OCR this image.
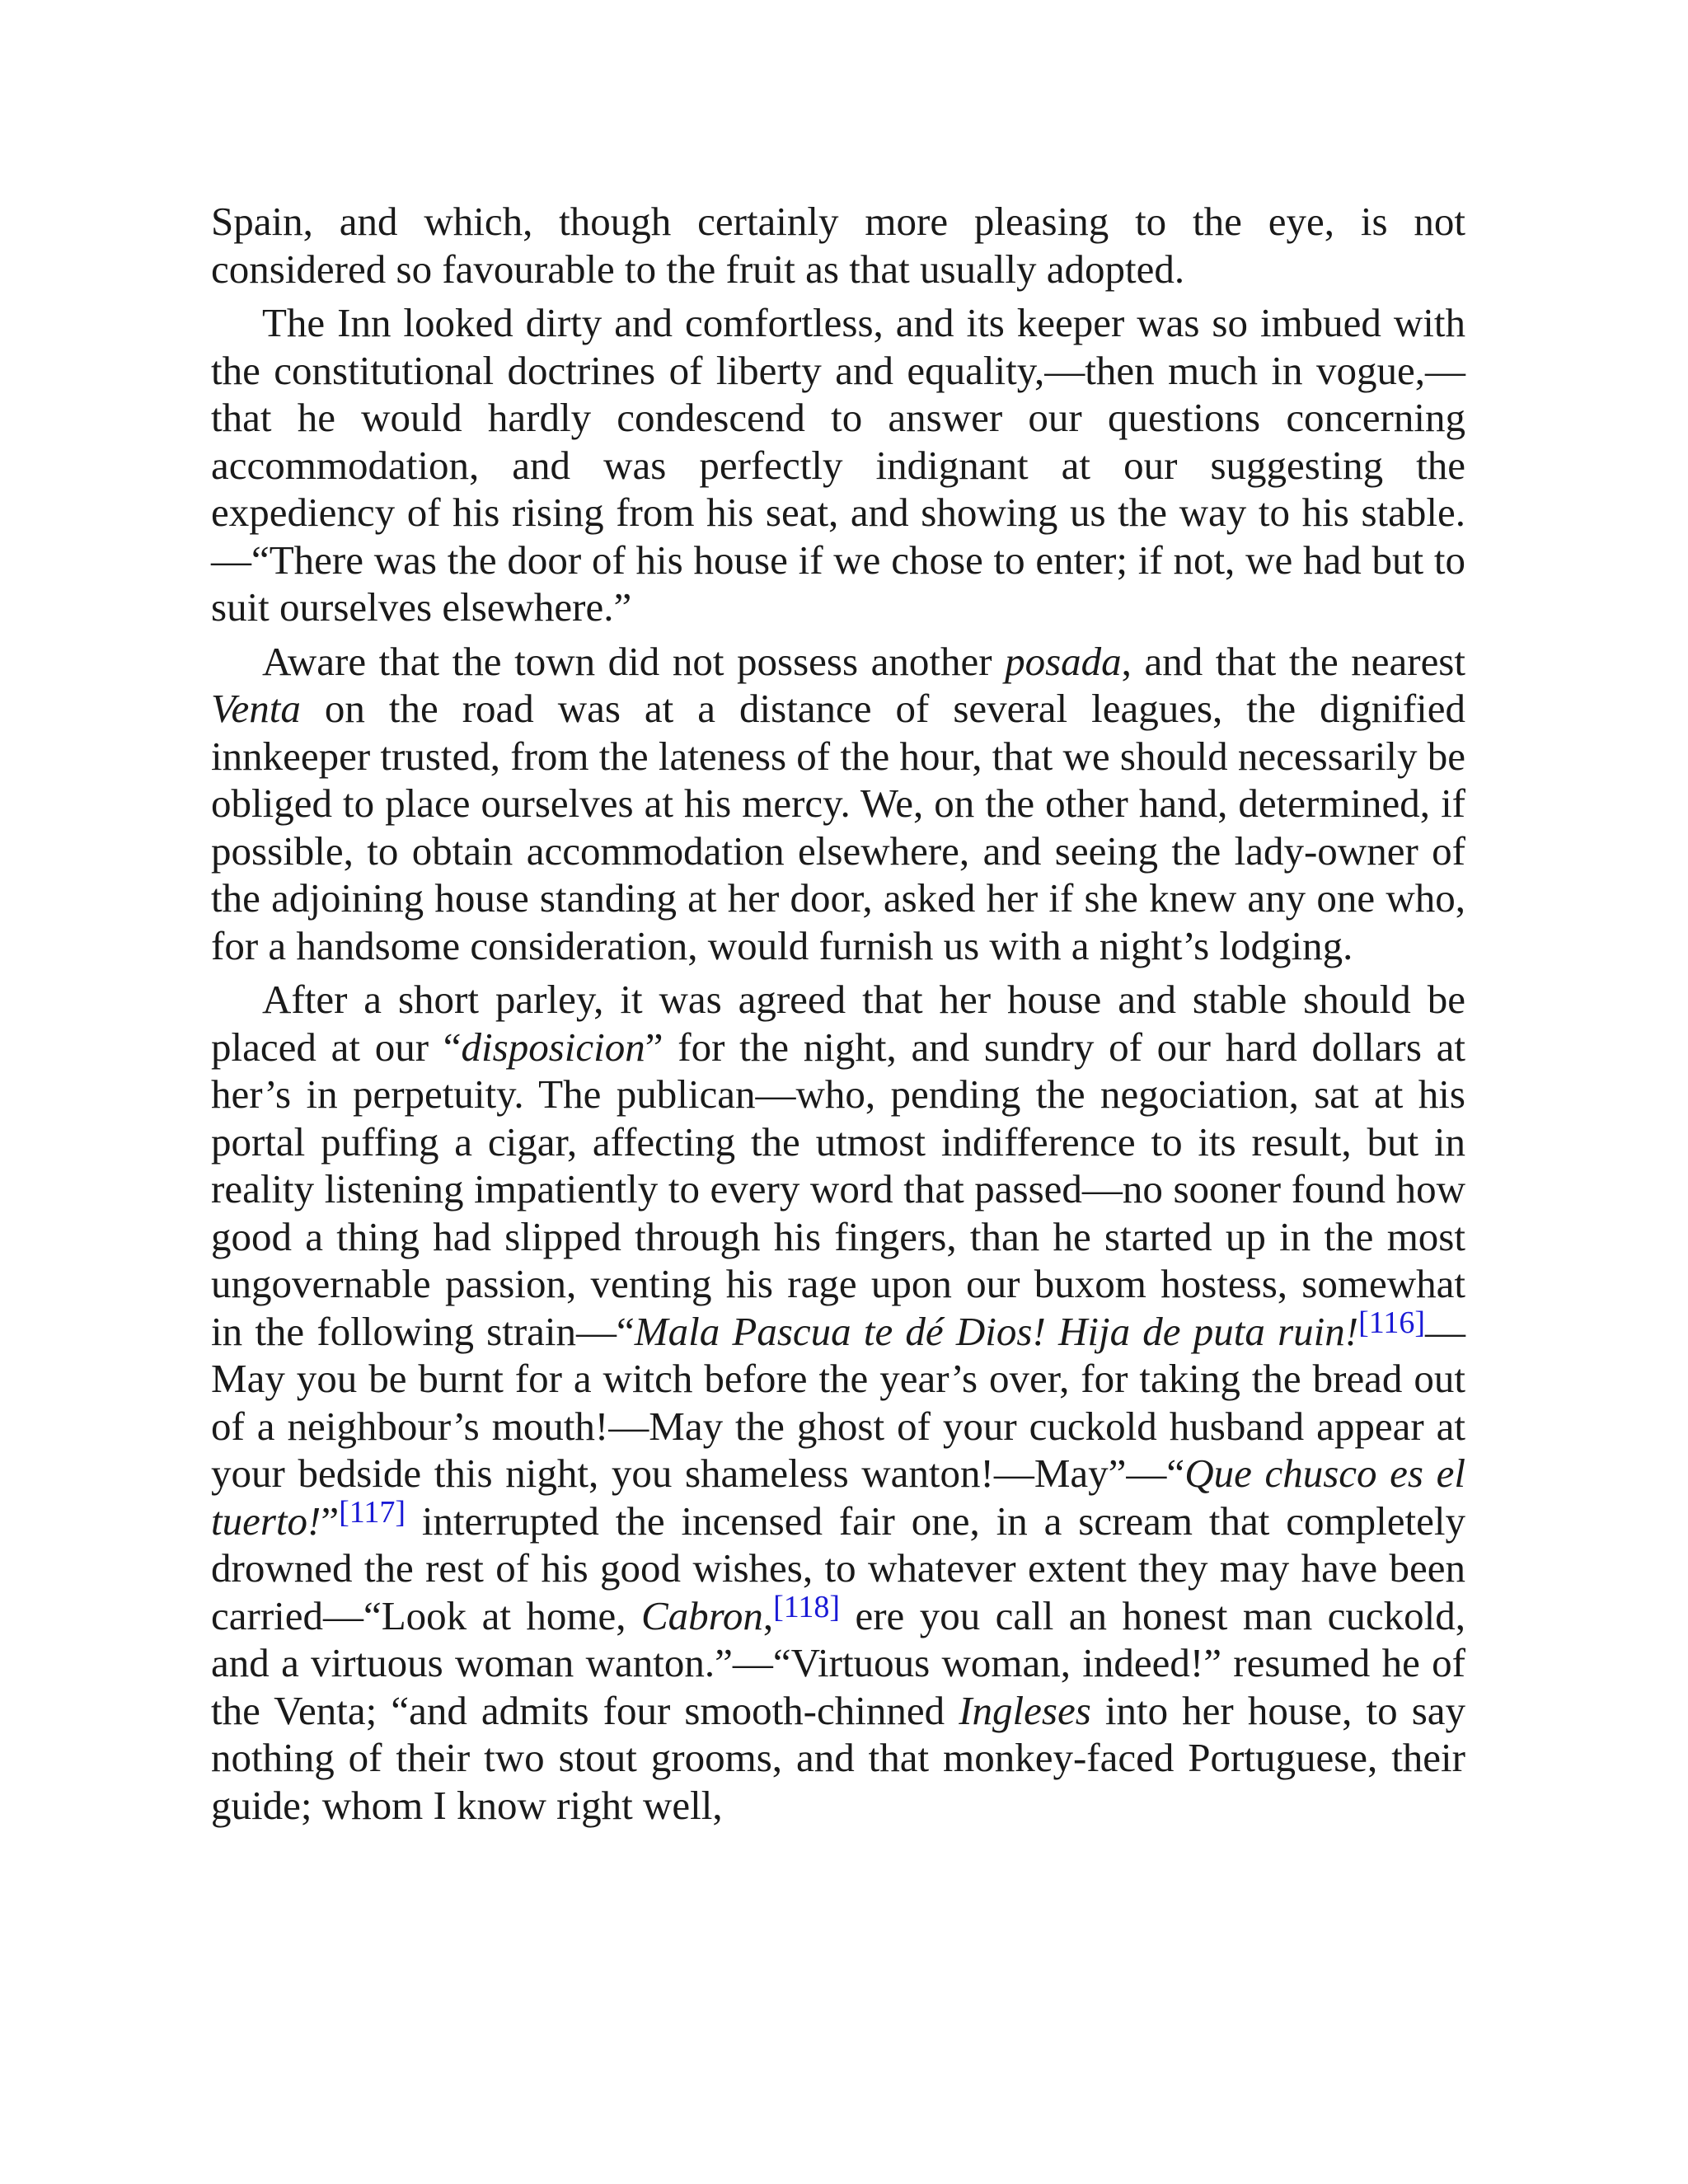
Spain, and which, though certainly more pleasing to the eye, is not considered so favourable to the fruit as that usually adopted.

The Inn looked dirty and comfortless, and its keeper was so imbued with the constitutional doctrines of liberty and equality,—then much in vogue,—that he would hardly condescend to answer our questions concerning accommodation, and was perfectly indignant at our suggesting the expediency of his rising from his seat, and showing us the way to his stable.—“There was the door of his house if we chose to enter; if not, we had but to suit ourselves elsewhere.”

Aware that the town did not possess another posada, and that the nearest Venta on the road was at a distance of several leagues, the dignified innkeeper trusted, from the lateness of the hour, that we should necessarily be obliged to place ourselves at his mercy. We, on the other hand, determined, if possible, to obtain accommodation elsewhere, and seeing the lady-owner of the adjoining house standing at her door, asked her if she knew any one who, for a handsome consideration, would furnish us with a night’s lodging.

After a short parley, it was agreed that her house and stable should be placed at our “disposicion” for the night, and sundry of our hard dollars at her’s in perpetuity. The publican—who, pending the negociation, sat at his portal puffing a cigar, affecting the utmost indifference to its result, but in reality listening impatiently to every word that passed—no sooner found how good a thing had slipped through his fingers, than he started up in the most ungovernable passion, venting his rage upon our buxom hostess, somewhat in the following strain—“Mala Pascua te dé Dios! Hija de puta ruin![116]—May you be burnt for a witch before the year’s over, for taking the bread out of a neighbour’s mouth!—May the ghost of your cuckold husband appear at your bedside this night, you shameless wanton!—May”—“Que chusco es el tuerto!”[117] interrupted the incensed fair one, in a scream that completely drowned the rest of his good wishes, to whatever extent they may have been carried—“Look at home, Cabron,[118] ere you call an honest man cuckold, and a virtuous woman wanton.”—“Virtuous woman, indeed!” resumed he of the Venta; “and admits four smooth-chinned Ingleses into her house, to say nothing of their two stout grooms, and that monkey-faced Portuguese, their guide; whom I know right well,
